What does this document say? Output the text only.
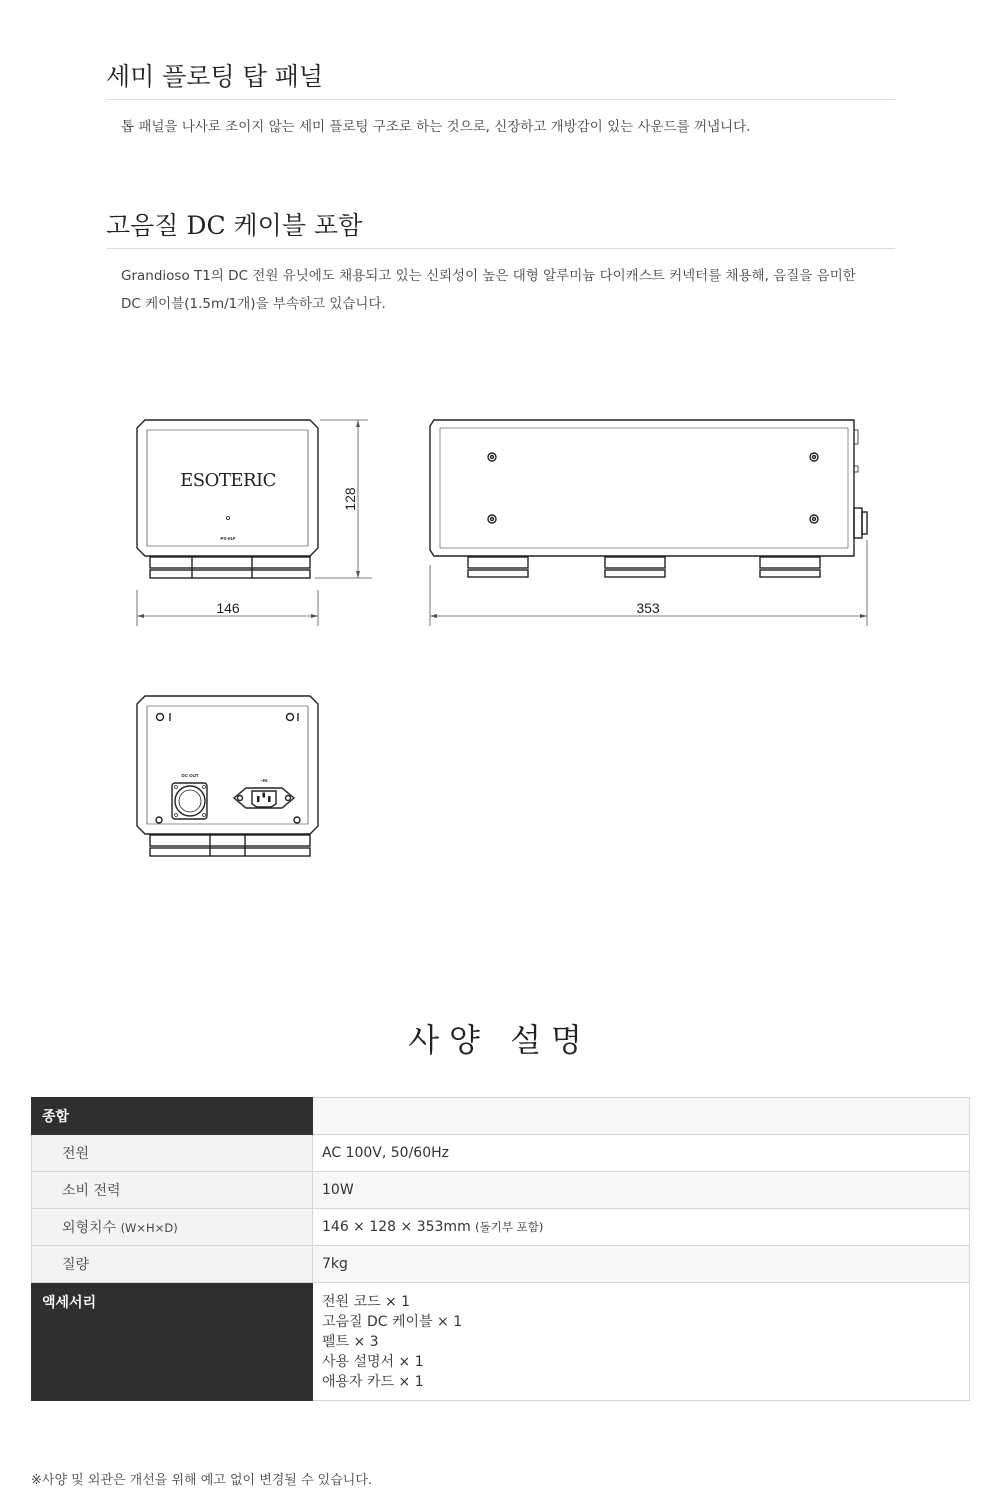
세미 플로팅 탑 패널

톱 패널을 나사로 조이지 않는 세미 플로팅 구조로 하는 것으로, 신장하고 개방감이 있는 사운드를 꺼냅니다.

고음질 DC 케이블 포함

Grandioso T1의 DC 전원 유닛에도 채용되고 있는 신뢰성이 높은 대형 알루미늄 다이캐스트 커넥터를 채용해, 음질을 음미한
DC 케이블(1.5m/1개)을 부속하고 있습니다.

146	353
128
ESOTERIC
PS-01F
DC OUT
~IN
사양 설명
종합	
전원	AC 100V, 50/60Hz
소비 전력	10W
외형치수 (W×H×D)	146 × 128 × 353mm (돌기부 포함)
질량	7kg
액세서리	전원 코드 × 1
고음질 DC 케이블 × 1
펠트 × 3
사용 설명서 × 1
애용자 카드 × 1
※사양 및 외관은 개선을 위해 예고 없이 변경될 수 있습니다.
